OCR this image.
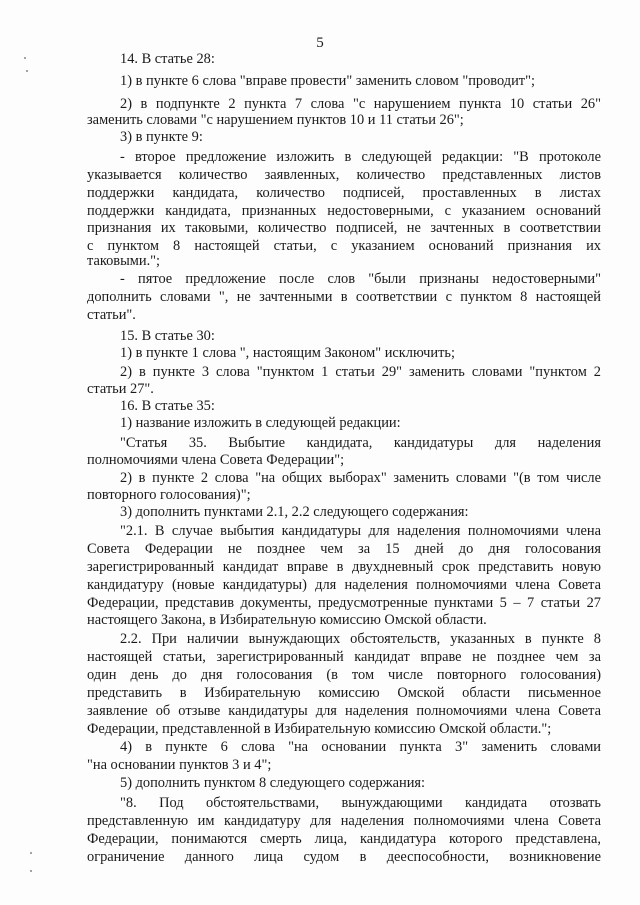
5
14. В статье 28:
1) в пункте 6 слова "вправе провести" заменить словом "проводит";
2) в подпункте 2 пункта 7 слова "с нарушением пункта 10 статьи 26"
заменить словами "с нарушением пунктов 10 и 11 статьи 26";
3) в пункте 9:
- второе предложение изложить в следующей редакции: "В протоколе
указывается количество заявленных, количество представленных листов
поддержки кандидата, количество подписей, проставленных в листах
поддержки кандидата, признанных недостоверными, с указанием оснований
признания их таковыми, количество подписей, не зачтенных в соответствии
с пунктом 8 настоящей статьи, с указанием оснований признания их
таковыми.";
- пятое предложение после слов "были признаны недостоверными"
дополнить словами ", не зачтенными в соответствии с пунктом 8 настоящей
статьи".
15. В статье 30:
1) в пункте 1 слова ", настоящим Законом" исключить;
2) в пункте 3 слова "пунктом 1 статьи 29" заменить словами "пунктом 2
статьи 27".
16. В статье 35:
1) название изложить в следующей редакции:
"Статья 35. Выбытие кандидата, кандидатуры для наделения
полномочиями члена Совета Федерации";
2) в пункте 2 слова "на общих выборах" заменить словами "(в том числе
повторного голосования)";
3) дополнить пунктами 2.1, 2.2 следующего содержания:
"2.1. В случае выбытия кандидатуры для наделения полномочиями члена
Совета Федерации не позднее чем за 15 дней до дня голосования
зарегистрированный кандидат вправе в двухдневный срок представить новую
кандидатуру (новые кандидатуры) для наделения полномочиями члена Совета
Федерации, представив документы, предусмотренные пунктами 5 – 7 статьи 27
настоящего Закона, в Избирательную комиссию Омской области.
2.2. При наличии вынуждающих обстоятельств, указанных в пункте 8
настоящей статьи, зарегистрированный кандидат вправе не позднее чем за
один день до дня голосования (в том числе повторного голосования)
представить в Избирательную комиссию Омской области письменное
заявление об отзыве кандидатуры для наделения полномочиями члена Совета
Федерации, представленной в Избирательную комиссию Омской области.";
4) в пункте 6 слова "на основании пункта 3" заменить словами
"на основании пунктов 3 и 4";
5) дополнить пунктом 8 следующего содержания:
"8. Под обстоятельствами, вынуждающими кандидата отозвать
представленную им кандидатуру для наделения полномочиями члена Совета
Федерации, понимаются смерть лица, кандидатура которого представлена,
ограничение данного лица судом в дееспособности, возникновение
